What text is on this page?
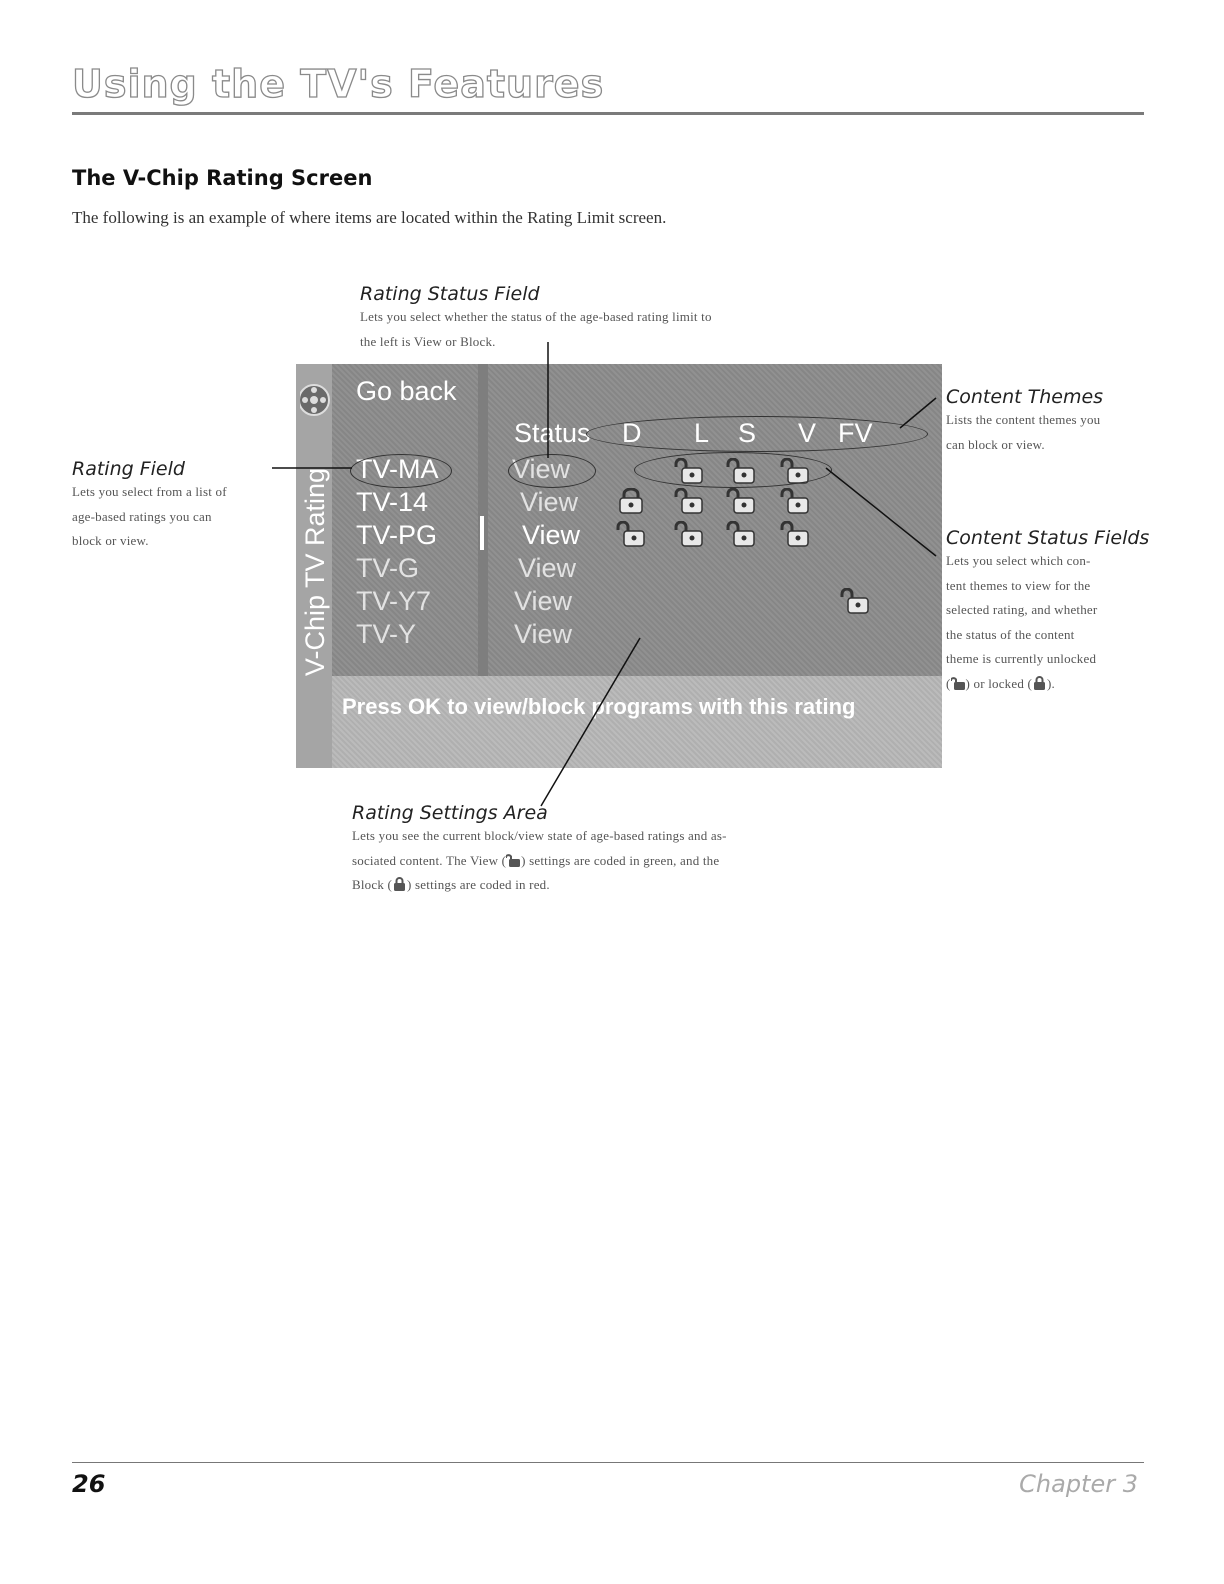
Using the TV's Features
The V-Chip Rating Screen
The following is an example of where items are located within the Rating Limit screen.
Rating Status Field
Lets you select whether the status of the age-based rating limit to
the left is View or Block.
Rating Field
Lets you select from a list of
age-based ratings you can
block or view.
Content Themes
Lists the content themes you
can block or view.
Content Status Fields
Lets you select which con-
tent themes to view for the
selected rating, and whether
the status of the content
theme is currently unlocked
( ) or locked ( ).
Rating Settings Area
Lets you see the current block/view state of age-based ratings and as-
sociated content. The View ( ) settings are coded in green, and the
Block ( ) settings are coded in red.
V-Chip TV Rating
Go back
Status D L S V FV
TV-MA
TV-14
TV-PG
TV-G
TV-Y7
TV-Y
View
View
View
View
View
View
Press OK to view/block programs with this rating
26	Chapter 3
